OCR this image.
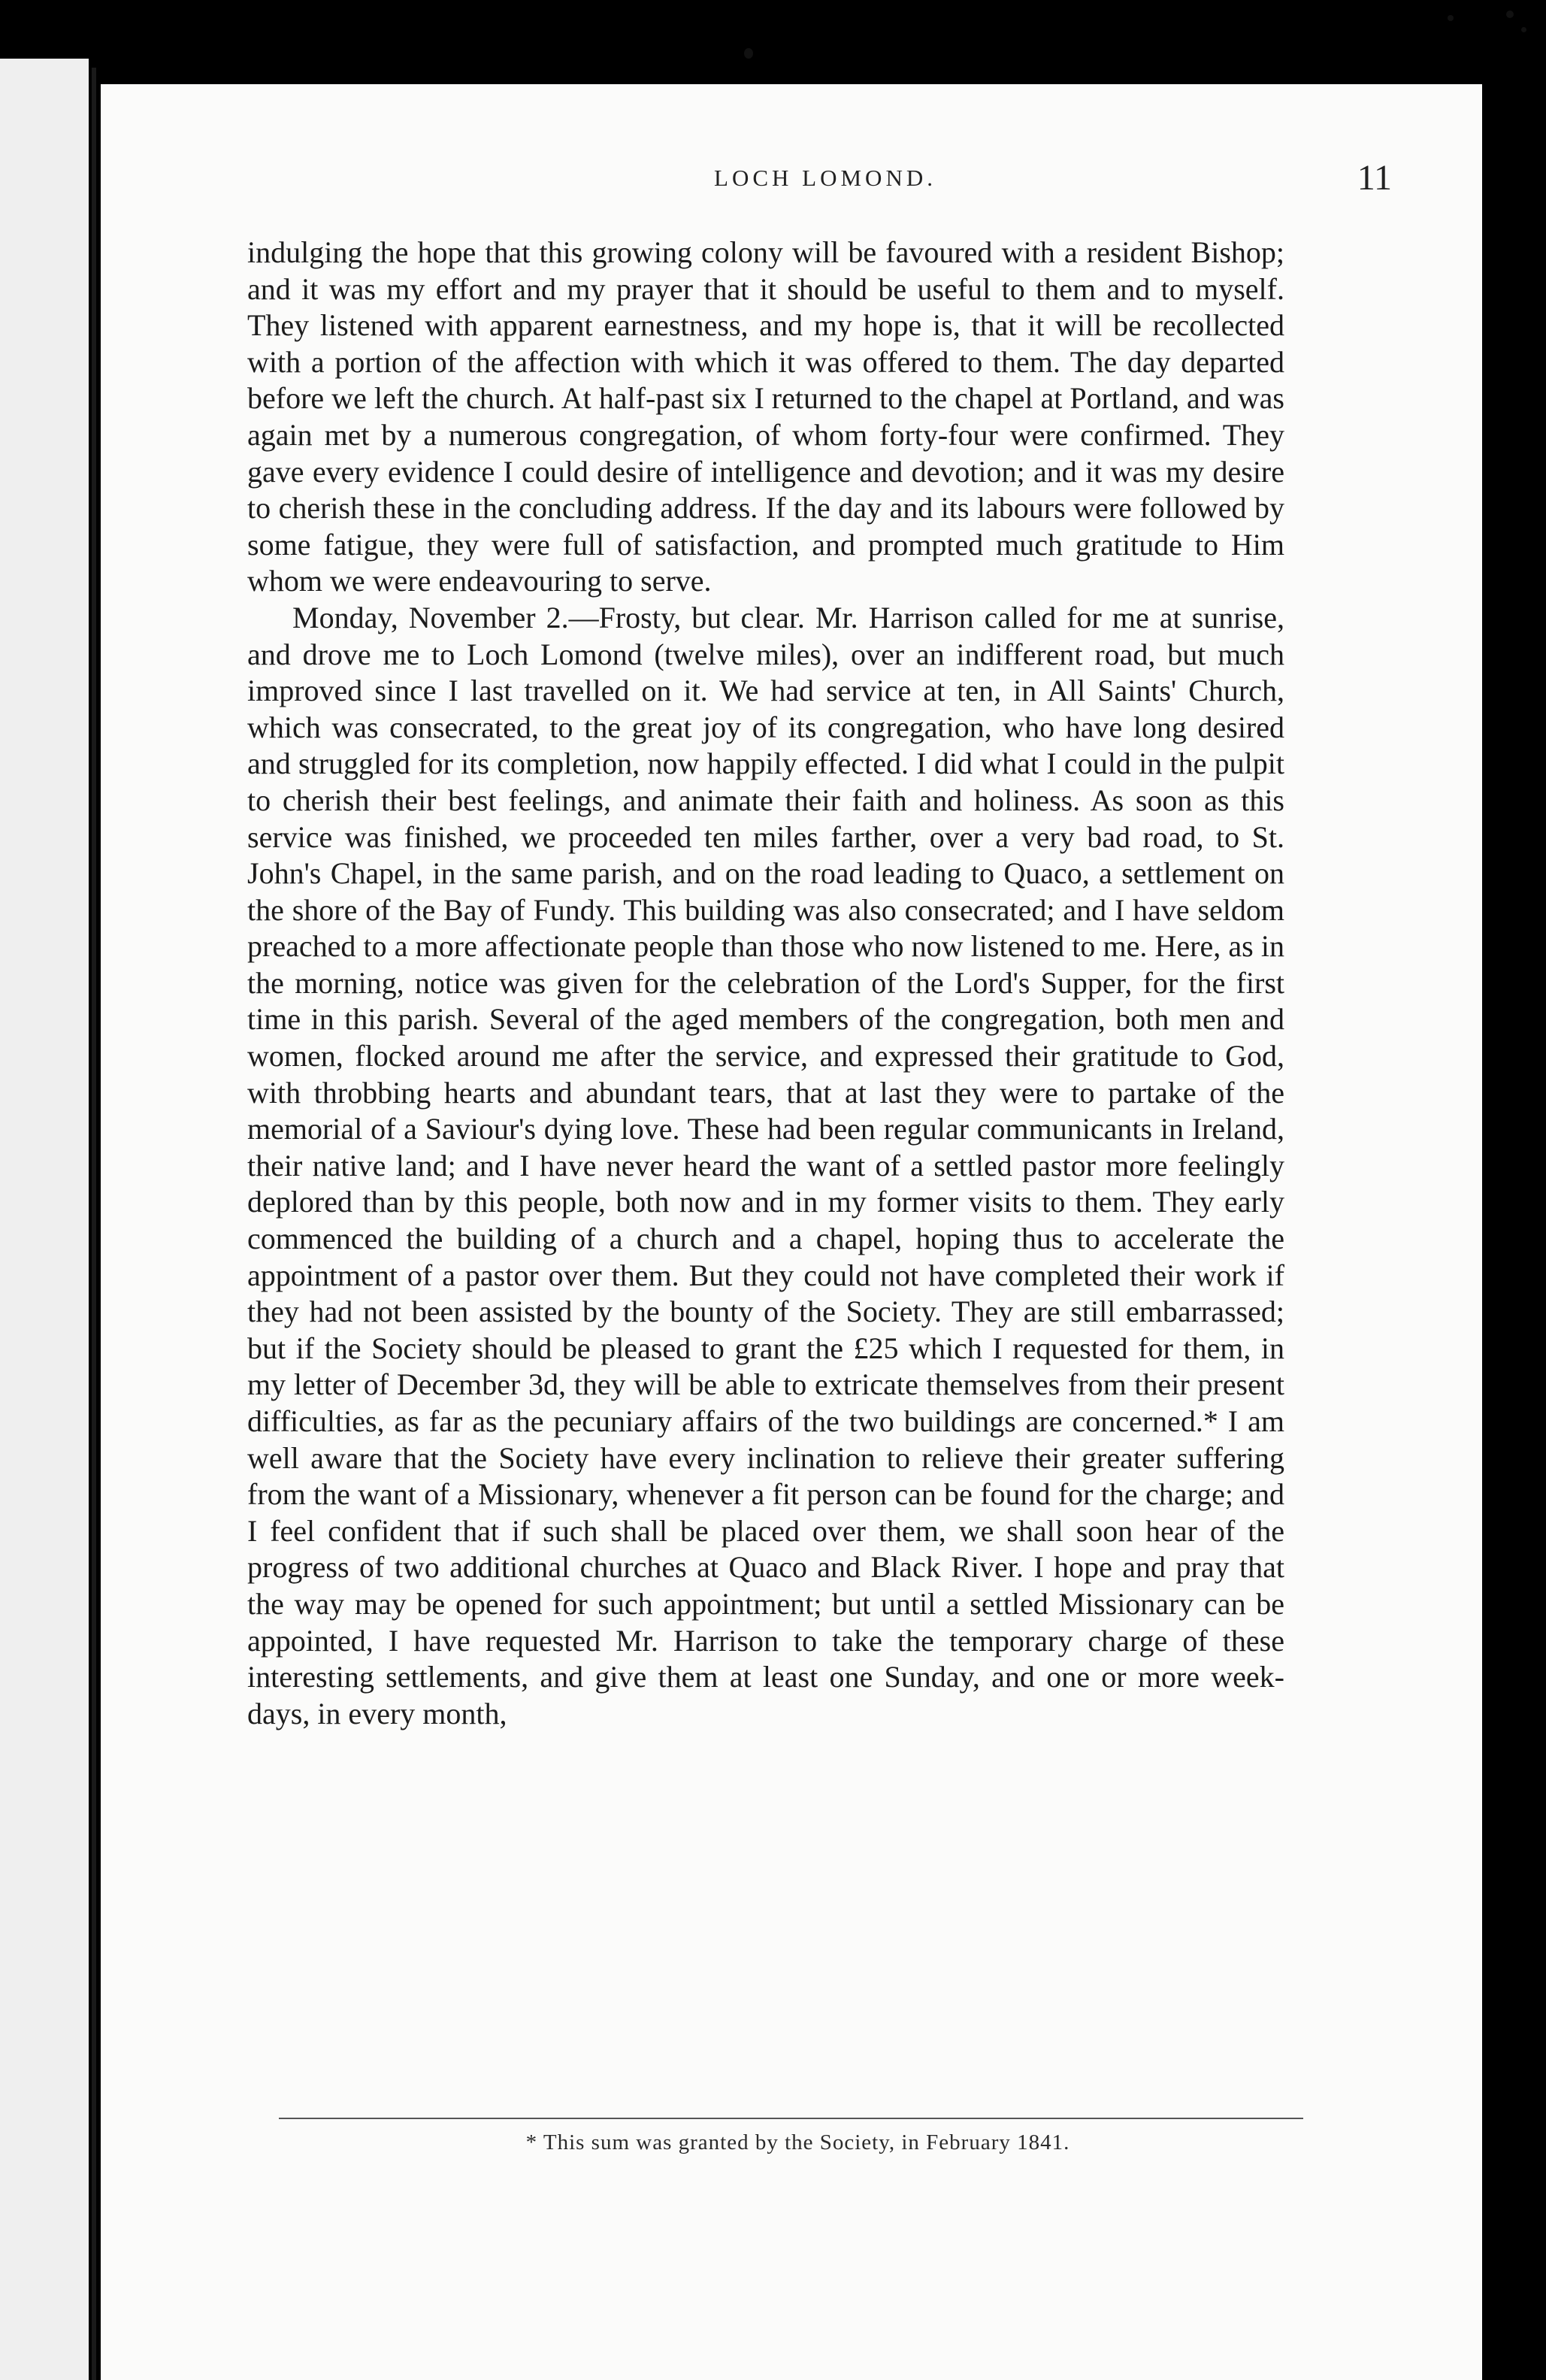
LOCH LOMOND.	11

indulging the hope that this growing colony will be favoured with a resident Bishop; and it was my effort and my prayer that it should be useful to them and to myself. They listened with apparent earnestness, and my hope is, that it will be recollected with a portion of the affection with which it was offered to them. The day departed before we left the church. At half-past six I returned to the chapel at Portland, and was again met by a numerous congregation, of whom forty-four were confirmed. They gave every evidence I could desire of intelligence and devotion; and it was my desire to cherish these in the concluding address. If the day and its labours were followed by some fatigue, they were full of satisfaction, and prompted much gratitude to Him whom we were endeavouring to serve.

Monday, November 2.—Frosty, but clear. Mr. Harrison called for me at sunrise, and drove me to Loch Lomond (twelve miles), over an indifferent road, but much improved since I last travelled on it. We had service at ten, in All Saints' Church, which was consecrated, to the great joy of its congregation, who have long desired and struggled for its completion, now happily effected. I did what I could in the pulpit to cherish their best feelings, and animate their faith and holiness. As soon as this service was finished, we proceeded ten miles farther, over a very bad road, to St. John's Chapel, in the same parish, and on the road leading to Quaco, a settlement on the shore of the Bay of Fundy. This building was also consecrated; and I have seldom preached to a more affectionate people than those who now listened to me. Here, as in the morning, notice was given for the celebration of the Lord's Supper, for the first time in this parish. Several of the aged members of the congregation, both men and women, flocked around me after the service, and expressed their gratitude to God, with throbbing hearts and abundant tears, that at last they were to partake of the memorial of a Saviour's dying love. These had been regular communicants in Ireland, their native land; and I have never heard the want of a settled pastor more feelingly deplored than by this people, both now and in my former visits to them. They early commenced the building of a church and a chapel, hoping thus to accelerate the appointment of a pastor over them. But they could not have completed their work if they had not been assisted by the bounty of the Society. They are still embarrassed; but if the Society should be pleased to grant the £25 which I requested for them, in my letter of December 3d, they will be able to extricate themselves from their present difficulties, as far as the pecuniary affairs of the two buildings are concerned.* I am well aware that the Society have every inclination to relieve their greater suffering from the want of a Missionary, whenever a fit person can be found for the charge; and I feel confident that if such shall be placed over them, we shall soon hear of the progress of two additional churches at Quaco and Black River. I hope and pray that the way may be opened for such appointment; but until a settled Missionary can be appointed, I have requested Mr. Harrison to take the temporary charge of these interesting settlements, and give them at least one Sunday, and one or more week-days, in every month,

* This sum was granted by the Society, in February 1841.
